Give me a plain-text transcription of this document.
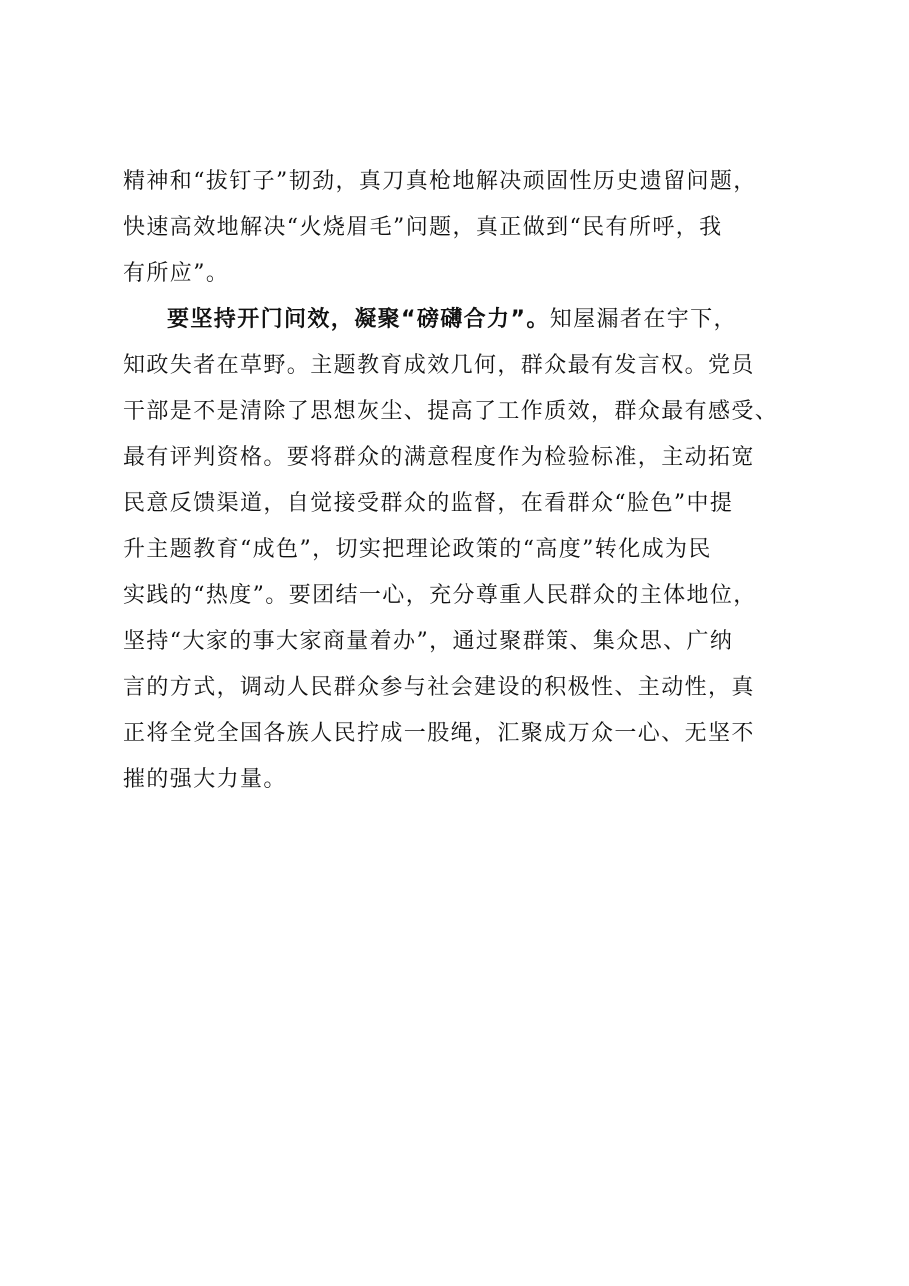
精神和“拔钉子”韧劲，真刀真枪地解决顽固性历史遗留问题，
快速高效地解决“火烧眉毛”问题，真正做到“民有所呼，我
有所应”。
要坚持开门问效，凝聚“磅礴合力”。知屋漏者在宇下，
知政失者在草野。主题教育成效几何，群众最有发言权。党员
干部是不是清除了思想灰尘、提高了工作质效，群众最有感受、
最有评判资格。要将群众的满意程度作为检验标准，主动拓宽
民意反馈渠道，自觉接受群众的监督，在看群众“脸色”中提
升主题教育“成色”，切实把理论政策的“高度”转化成为民
实践的“热度”。要团结一心，充分尊重人民群众的主体地位，
坚持“大家的事大家商量着办”，通过聚群策、集众思、广纳
言的方式，调动人民群众参与社会建设的积极性、主动性，真
正将全党全国各族人民拧成一股绳，汇聚成万众一心、无坚不
摧的强大力量。
